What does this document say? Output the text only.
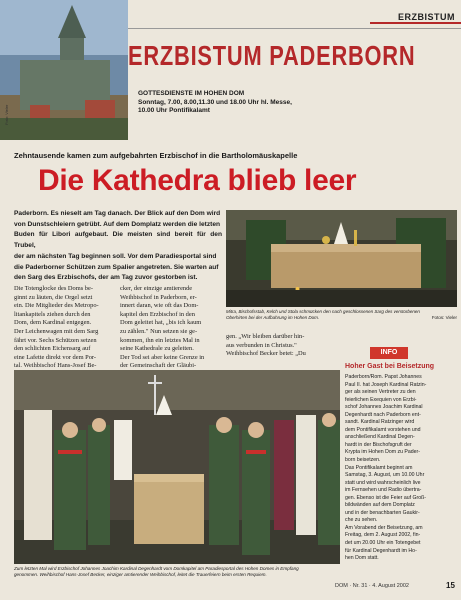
Foto: Vieler
ERZBISTUM
ERZBISTUM PADERBORN
GOTTESDIENSTE IM HOHEN DOM
Sonntag, 7.00, 8.00,11.30 und 18.00 Uhr hl. Messe,
10.00 Uhr Pontifikalamt
Zehntausende kamen zum aufgebahrten Erzbischof in die Bartholomäuskapelle
Die Kathedra blieb leer
Paderborn. Es nieselt am Tag danach. Der Blick auf den Dom wird
von Dunstschleiern getrübt. Auf dem Domplatz werden die letzten
Buden für Libori aufgebaut. Die meisten sind bereit für den Trubel,
der am nächsten Tag beginnen soll. Vor dem Paradiesportal sind
die Paderborner Schützen zum Spalier angetreten. Sie warten auf
den Sarg des Erzbischofs, der am Tag zuvor gestorben ist.
Die Totenglocke des Doms be-
ginnt zu läuten, die Orgel setzt
ein. Die Mitglieder des Metropo-
litankapitels ziehen durch den
Dom, dem Kardinal entgegen.
Der Leichenwagen mit dem Sarg
fährt vor. Sechs Schützen setzen
den schlichten Eichensarg auf
eine Lafette direkt vor dem Por-
tal. Weihbischof Hans-Josef Be-
cker, der einzige amtierende
Weihbischof in Paderborn, er-
innert daran, wie oft das Dom-
kapitel den Erzbischof in den
Dom geleitet hat, „bis ich kaum
zu zählen." Nun setzen sie ge-
kommen, ihn ein letztes Mal in
seine Kathedrale zu geleiten.
Der Tod sei aber keine Grenze in
der Gemeinschaft der Gläubi-
Mitra, Bischofsstab, Kelch und Stola schmücken den nach geschlossenen Sarg des verstorbenen
Oberhirten bei der Aufbahrung im Hohen Dom.	Fotos: Vieler
gen. „Wir bleiben darüber hin-
aus verbunden in Christus."
Weihbischof Becker betet: „Du	INFO
Hoher Gast bei Beisetzung
Paderborn/Rom. Papst Johannes
Paul II. hat Joseph Kardinal Ratzin-
ger als seinen Vertreter zu den
feierlichen Exequien von Erzbi-
schof Johannes Joachim Kardinal
Degenhardt nach Paderborn ent-
sandt. Kardinal Ratzinger wird
dem Pontifikalamt vorstehen und
anschließend Kardinal Degen-
hardt in der Bischofsgruft der
Krypta im Hohen Dom zu Pader-
born beisetzen.
Das Pontifikalamt beginnt am
Samstag, 3. August, um 10.00 Uhr
statt und wird wahrscheinlich live
im Fernsehen und Radio übertra-
gen. Ebenso ist die Feier auf Groß-
bildwänden auf dem Domplatz
und in der benachbarten Gaukir-
che zu sehen.
Am Vorabend der Beisetzung, am
Freitag, dem 2. August 2002, fin-
det um 20.00 Uhr ein Totengebet
für Kardinal Degenhardt im Ho-
hen Dom statt.
Zum letzten Mal wird Erzbischof Johannes Joachim Kardinal Degenhardt vom Domkapitel am Paradiesportal des Hohen Domes in Empfang
genommen. Weihbischof Hans-Josef Becker, einziger amtierender Weihbischof, leitet die Trauerfeiern beim ersten Requiem.
DOM · Nr. 31 · 4. August 2002	15
